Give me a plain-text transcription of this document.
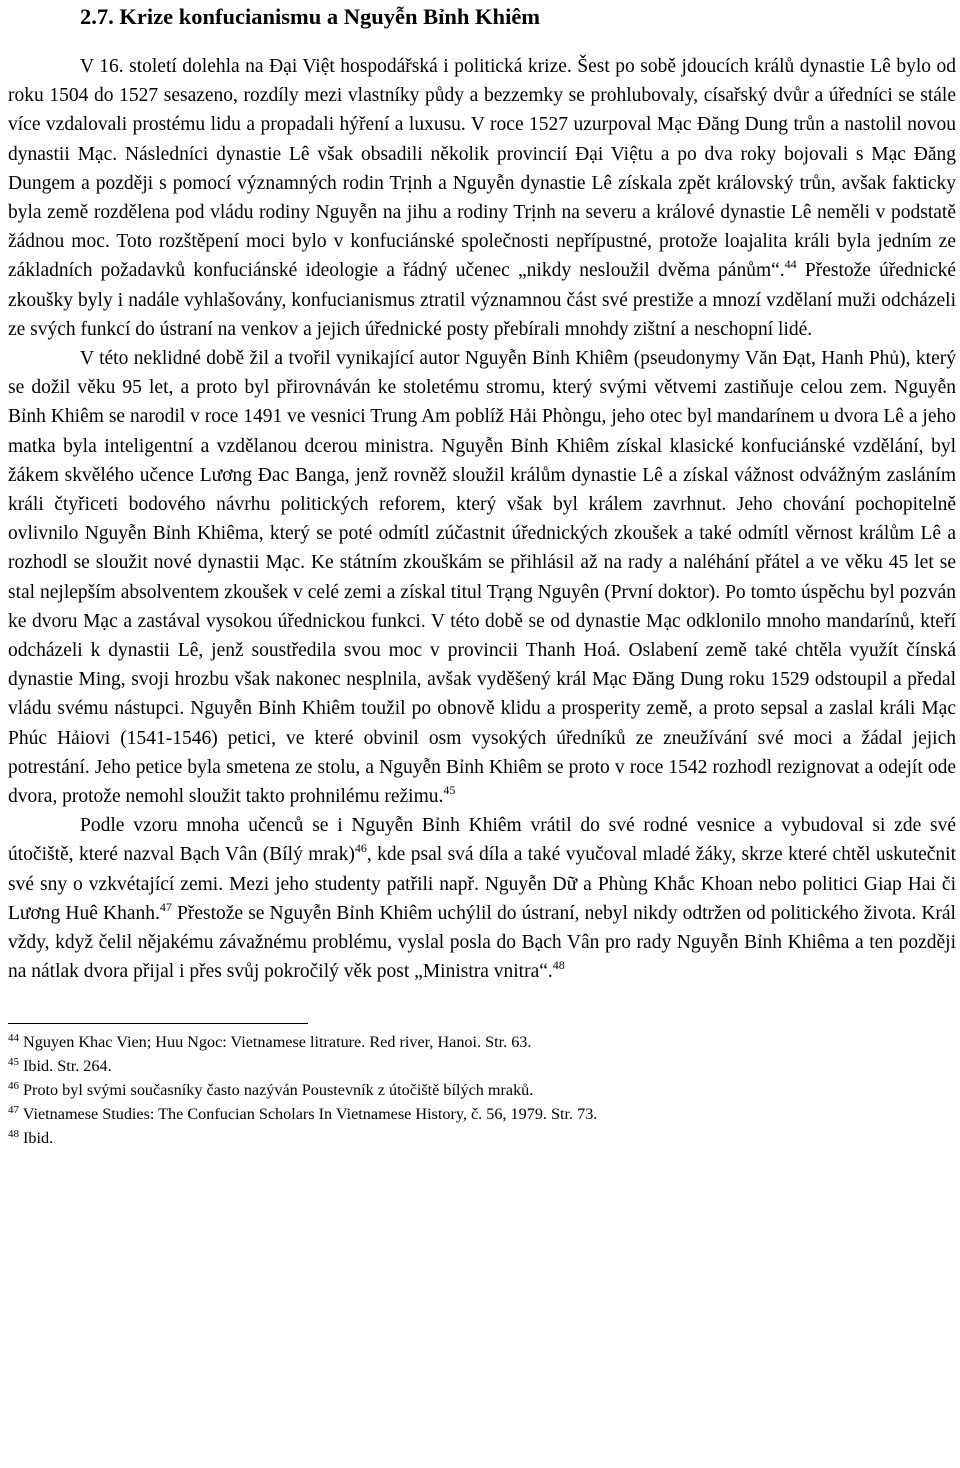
2.7. Krize konfucianismu a Nguyễn Bỉnh Khiêm

V 16. století dolehla na Đại Việt hospodářská i politická krize. Šest po sobě jdoucích králů dynastie Lê bylo od roku 1504 do 1527 sesazeno, rozdíly mezi vlastníky půdy a bezzemky se prohlubovaly, císařský dvůr a úředníci se stále více vzdalovali prostému lidu a propadali hýření a luxusu. V roce 1527 uzurpoval Mạc Đăng Dung trůn a nastolil novou dynastii Mạc. Následníci dynastie Lê však obsadili několik provincií Đại Việtu a po dva roky bojovali s Mạc Đăng Dungem a později s pomocí významných rodin Trịnh a Nguyễn dynastie Lê získala zpět královský trůn, avšak fakticky byla země rozdělena pod vládu rodiny Nguyễn na jihu a rodiny Trịnh na severu a králové dynastie Lê neměli v podstatě žádnou moc. Toto rozštěpení moci bylo v konfuciánské společnosti nepřípustné, protože loajalita králi byla jedním ze základních požadavků konfuciánské ideologie a řádný učenec „nikdy nesloužil dvěma pánům“.$^{44}$ Přestože úřednické zkoušky byly i nadále vyhlašovány, konfucianismus ztratil významnou část své prestiže a mnozí vzdělaní muži odcházeli ze svých funkcí do ústraní na venkov a jejich úřednické posty přebírali mnohdy zištní a neschopní lidé.

V této neklidné době žil a tvořil vynikající autor Nguyễn Bỉnh Khiêm (pseudonymy Văn Đạt, Hanh Phủ), který se dožil věku 95 let, a proto byl přirovnáván ke stoletému stromu, který svými větvemi zastiňuje celou zem. Nguyễn Bỉnh Khiêm se narodil v roce 1491 ve vesnici Trung Am poblíž Hải Phòngu, jeho otec byl mandarínem u dvora Lê a jeho matka byla inteligentní a vzdělanou dcerou ministra. Nguyễn Bỉnh Khiêm získal klasické konfuciánské vzdělání, byl žákem skvělého učence Lương Đac Banga, jenž rovněž sloužil králům dynastie Lê a získal vážnost odvážným zasláním králi čtyřiceti bodového návrhu politických reforem, který však byl králem zavrhnut. Jeho chování pochopitelně ovlivnilo Nguyễn Bỉnh Khiêma, který se poté odmítl zúčastnit úřednických zkoušek a také odmítl věrnost králům Lê a rozhodl se sloužit nové dynastii Mạc. Ke státním zkouškám se přihlásil až na rady a naléhání přátel a ve věku 45 let se stal nejlepším absolventem zkoušek v celé zemi a získal titul Trạng Nguyên (První doktor). Po tomto úspěchu byl pozván ke dvoru Mạc a zastával vysokou úřednickou funkci. V této době se od dynastie Mạc odklonilo mnoho mandarínů, kteří odcházeli k dynastii Lê, jenž soustředila svou moc v provincii Thanh Hoá. Oslabení země také chtěla využít čínská dynastie Ming, svoji hrozbu však nakonec nesplnila, avšak vyděšený král Mạc Đăng Dung roku 1529 odstoupil a předal vládu svému nástupci. Nguyễn Bỉnh Khiêm toužil po obnově klidu a prosperity země, a proto sepsal a zaslal králi Mạc Phúc Hảiovi (1541-1546) petici, ve které obvinil osm vysokých úředníků ze zneužívání své moci a žádal jejich potrestání. Jeho petice byla smetena ze stolu, a Nguyễn Bỉnh Khiêm se proto v roce 1542 rozhodl rezignovat a odejít ode dvora, protože nemohl sloužit takto prohnilému režimu.$^{45}$

Podle vzoru mnoha učenců se i Nguyễn Bỉnh Khiêm vrátil do své rodné vesnice a vybudoval si zde své útočiště, které nazval Bạch Vân (Bílý mrak)$^{46}$, kde psal svá díla a také vyučoval mladé žáky, skrze které chtěl uskutečnit své sny o vzkvétající zemi. Mezi jeho studenty patřili např. Nguyễn Dữ a Phùng Khắc Khoan nebo politici Giap Hai či Lương Huê Khanh.$^{47}$ Přestože se Nguyễn Bỉnh Khiêm uchýlil do ústraní, nebyl nikdy odtržen od politického života. Král vždy, když čelil nějakému závažnému problému, vyslal posla do Bạch Vân pro rady Nguyễn Bỉnh Khiêma a ten později na nátlak dvora přijal i přes svůj pokročilý věk post „Ministra vnitra“.$^{48}$

$^{44}$ Nguyen Khac Vien; Huu Ngoc: Vietnamese litrature. Red river, Hanoi. Str. 63.

$^{45}$ Ibid. Str. 264.

$^{46}$ Proto byl svými současníky často nazýván Poustevník z útočiště bílých mraků.

$^{47}$ Vietnamese Studies: The Confucian Scholars In Vietnamese History, č. 56, 1979. Str. 73.

$^{48}$ Ibid.
